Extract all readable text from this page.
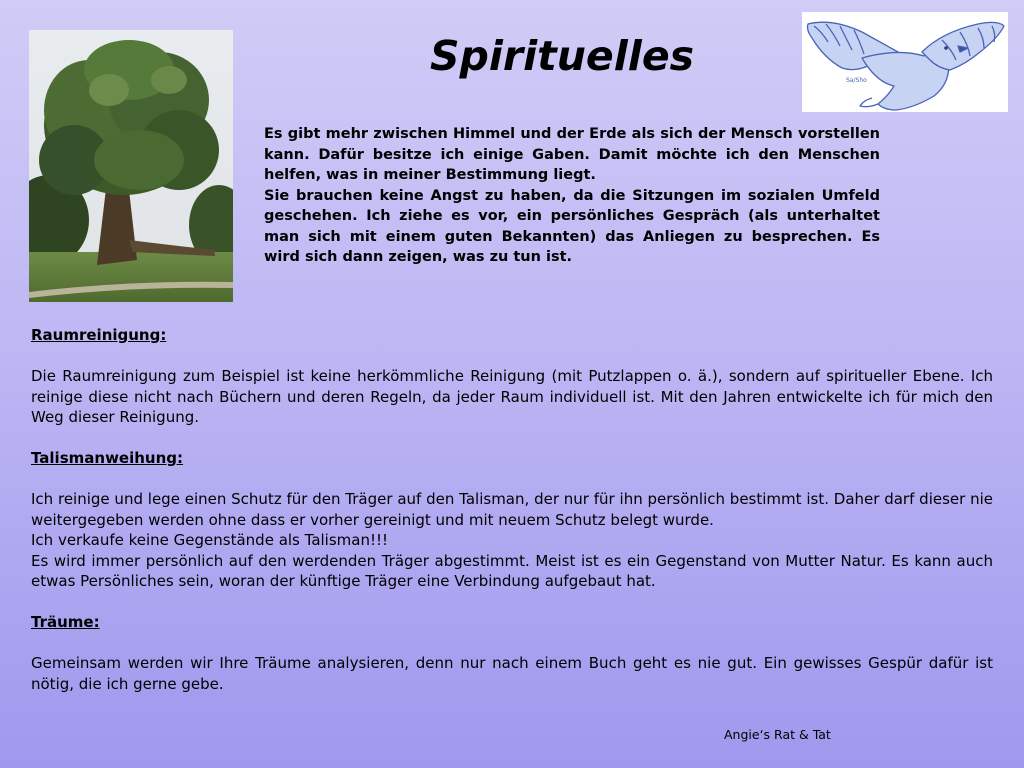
Spirituelles
Sa/Sho

Es gibt mehr zwischen Himmel und der Erde als sich der Mensch vorstellen kann. Dafür besitze ich einige Gaben. Damit möchte ich den Menschen helfen, was in meiner Bestimmung liegt.

Sie brauchen keine Angst zu haben, da die Sitzungen im sozialen Umfeld geschehen. Ich ziehe es vor, ein persönliches Gespräch (als unterhaltet man sich mit einem guten Bekannten) das Anliegen zu besprechen. Es wird sich dann zeigen, was zu tun ist.

Raumreinigung:

Die Raumreinigung zum Beispiel ist keine herkömmliche Reinigung (mit Putzlappen o. ä.), sondern auf spiritueller Ebene. Ich reinige diese nicht nach Büchern und deren Regeln, da jeder Raum individuell ist. Mit den Jahren entwickelte ich für mich den Weg dieser Reinigung.

Talismanweihung:

Ich reinige und lege einen Schutz für den Träger auf den Talisman, der nur für ihn persönlich bestimmt ist. Daher darf dieser nie weitergegeben werden ohne dass er vorher gereinigt und mit neuem Schutz belegt wurde.

Ich verkaufe keine Gegenstände als Talisman!!!

Es wird immer persönlich auf den werdenden Träger abgestimmt. Meist ist es ein Gegenstand von Mutter Natur. Es kann auch etwas Persönliches sein, woran der künftige Träger eine Verbindung aufgebaut hat.

Träume:

Gemeinsam werden wir Ihre Träume analysieren, denn nur nach einem Buch geht es nie gut. Ein gewisses Gespür dafür ist nötig, die ich gerne gebe.

Angie‘s Rat & Tat
